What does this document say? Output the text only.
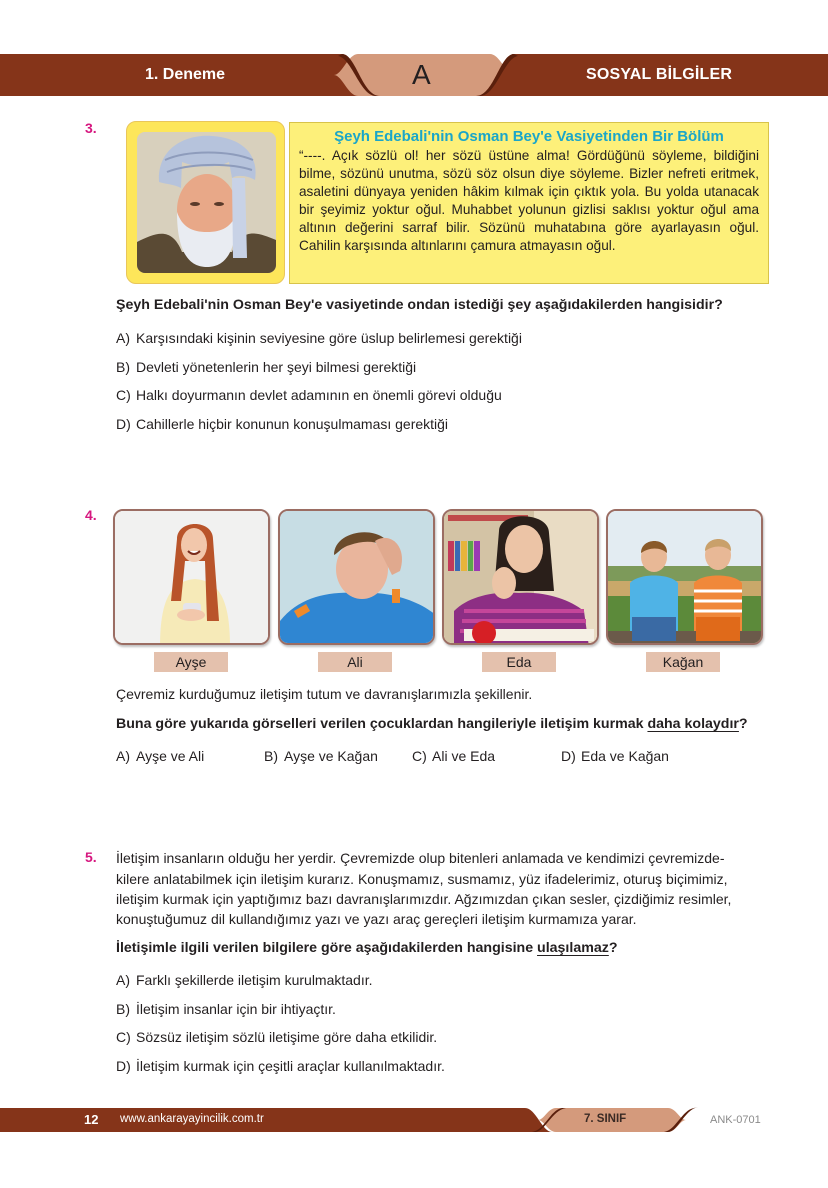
1. Deneme	A	SOSYAL BİLGİLER
3.	Şeyh Edebali'nin Osman Bey'e Vasiyetinden Bir Bölüm
“----. Açık sözlü ol! her sözü üstüne alma! Gördüğünü söyleme, bildiğini bilme, sözünü unutma, sözü söz olsun diye söyleme. Bizler nefreti eritmek, asaletini dünyaya yeniden hâkim kılmak için çıktık yola. Bu yolda utanacak bir şeyimiz yoktur oğul. Muhabbet yolunun gizlisi saklısı yoktur oğul ama altının değerini sarraf bilir. Sözünü muhatabına göre ayarlayasın oğul. Cahilin karşısında altınlarını çamura atmayasın oğul.
Şeyh Edebali'nin Osman Bey'e vasiyetinde ondan istediği şey aşağıdakilerden hangisidir?
A) Karşısındaki kişinin seviyesine göre üslup belirlemesi gerektiği
B) Devleti yönetenlerin her şeyi bilmesi gerektiği
C) Halkı doyurmanın devlet adamının en önemli görevi olduğu
D) Cahillerle hiçbir konunun konuşulmaması gerektiği
4.
Ayşe	Ali	Eda	Kağan
Çevremiz kurduğumuz iletişim tutum ve davranışlarımızla şekillenir.
Buna göre yukarıda görselleri verilen çocuklardan hangileriyle iletişim kurmak daha kolaydır?
A) Ayşe ve Ali	B) Ayşe ve Kağan C) Ali ve Eda	D) Eda ve Kağan
5. İletişim insanların olduğu her yerdir. Çevremizde olup bitenleri anlamada ve kendimizi çevremizde-
kilere anlatabilmek için iletişim kurarız. Konuşmamız, susmamız, yüz ifadelerimiz, oturuş biçimimiz,
iletişim kurmak için yaptığımız bazı davranışlarımızdır. Ağzımızdan çıkan sesler, çizdiğimiz resimler,
konuştuğumuz dil kullandığımız yazı ve yazı araç gereçleri iletişim kurmamıza yarar.
İletişimle ilgili verilen bilgilere göre aşağıdakilerden hangisine ulaşılamaz?
A) Farklı şekillerde iletişim kurulmaktadır.
B) İletişim insanlar için bir ihtiyaçtır.
C) Sözsüz iletişim sözlü iletişime göre daha etkilidir.
D) İletişim kurmak için çeşitli araçlar kullanılmaktadır.
12 www.ankarayayincilik.com.tr	7. SINIF	ANK-0701
